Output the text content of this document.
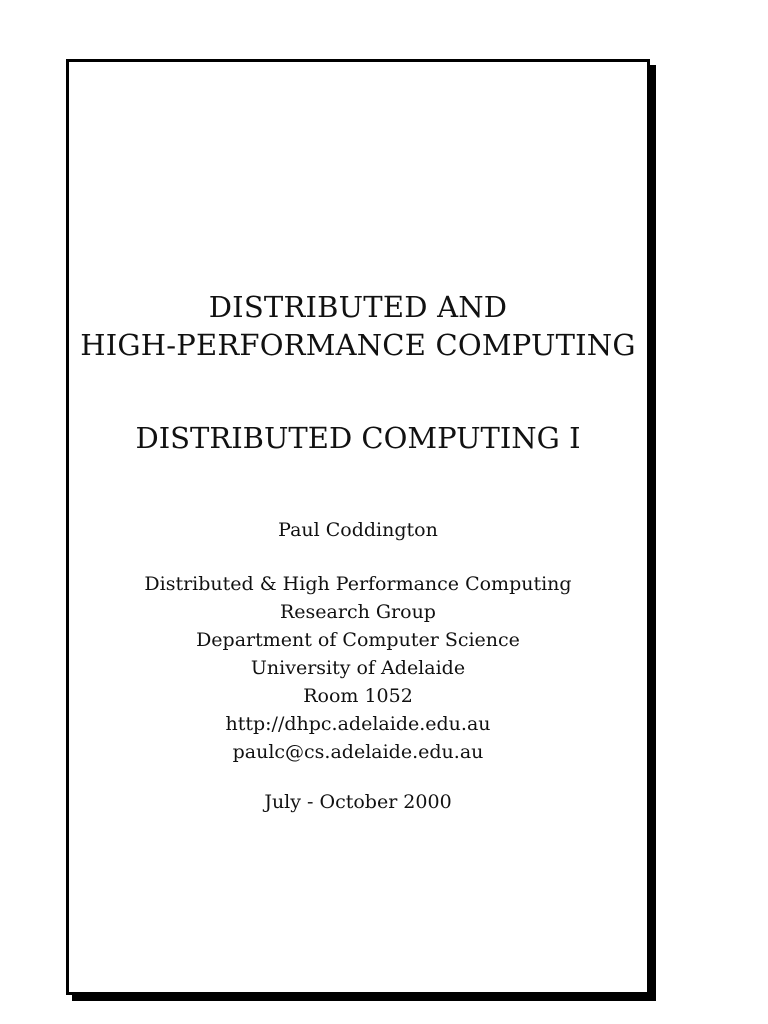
DISTRIBUTED AND
HIGH-PERFORMANCE COMPUTING
DISTRIBUTED COMPUTING I
Paul Coddington
Distributed & High Performance Computing
Research Group
Department of Computer Science
University of Adelaide
Room 1052
http://dhpc.adelaide.edu.au
paulc@cs.adelaide.edu.au
July - October 2000
